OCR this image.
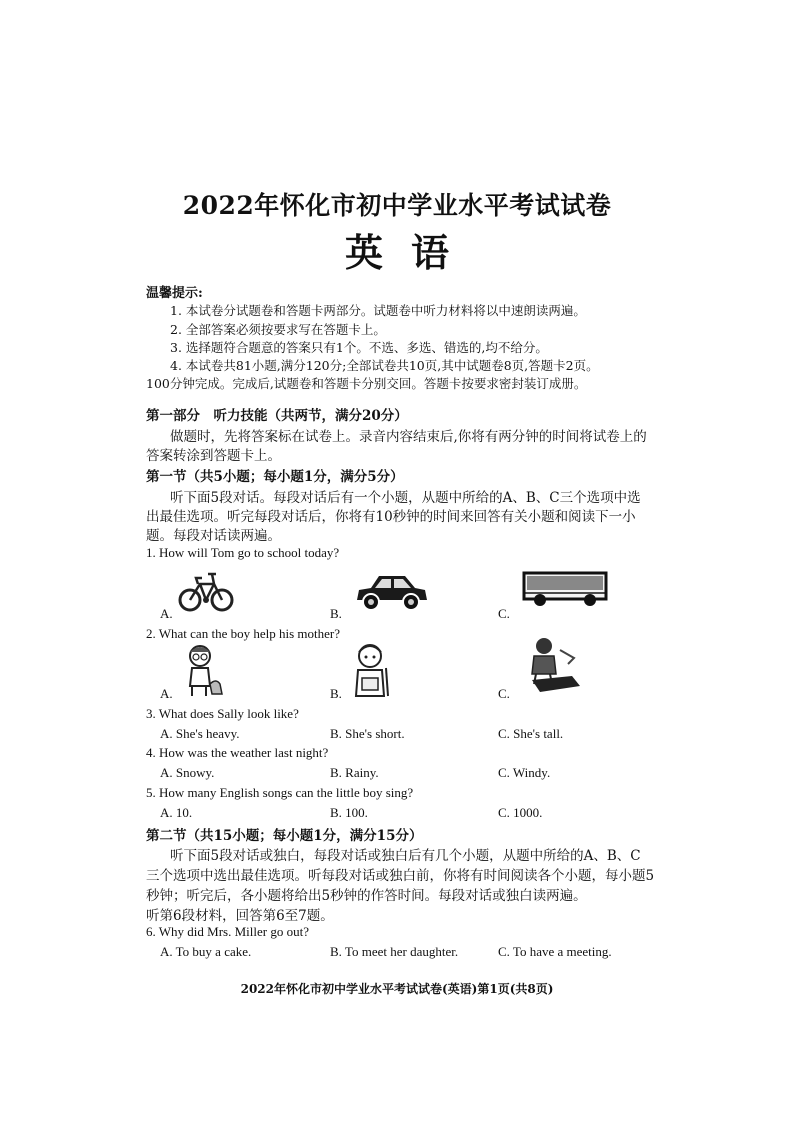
2022年怀化市初中学业水平考试试卷
英语
温馨提示:
1. 本试卷分试题卷和答题卡两部分。试题卷中听力材料将以中速朗读两遍。
2. 全部答案必须按要求写在答题卡上。
3. 选择题符合题意的答案只有1个。不选、多选、错选的,均不给分。
4. 本试卷共81小题,满分120分;全部试卷共10页,其中试题卷8页,答题卡2页。
100分钟完成。完成后,试题卷和答题卡分别交回。答题卡按要求密封装订成册。
第一部分　听力技能（共两节，满分20分）
做题时，先将答案标在试卷上。录音内容结束后,你将有两分钟的时间将试卷上的
答案转涂到答题卡上。
第一节（共5小题；每小题1分，满分5分）
听下面5段对话。每段对话后有一个小题，从题中所给的A、B、C三个选项中选
出最佳选项。听完每段对话后，你将有10秒钟的时间来回答有关小题和阅读下一小
题。每段对话读两遍。
1. How will Tom go to school today?
A.	B.	C.
2. What can the boy help his mother?
A.	B.	C.
3. What does Sally look like?
A. She's heavy.	B. She's short.	C. She's tall.
4. How was the weather last night?
A. Snowy.	B. Rainy.	C. Windy.
5. How many English songs can the little boy sing?
A. 10.	B. 100.	C. 1000.
第二节（共15小题；每小题1分，满分15分）
听下面5段对话或独白，每段对话或独白后有几个小题，从题中所给的A、B、C
三个选项中选出最佳选项。听每段对话或独白前，你将有时间阅读各个小题，每小题5
秒钟；听完后，各小题将给出5秒钟的作答时间。每段对话或独白读两遍。
听第6段材料，回答第6至7题。
6. Why did Mrs. Miller go out?
A. To buy a cake.	B. To meet her daughter.	C. To have a meeting.
2022年怀化市初中学业水平考试试卷(英语)第1页(共8页)
